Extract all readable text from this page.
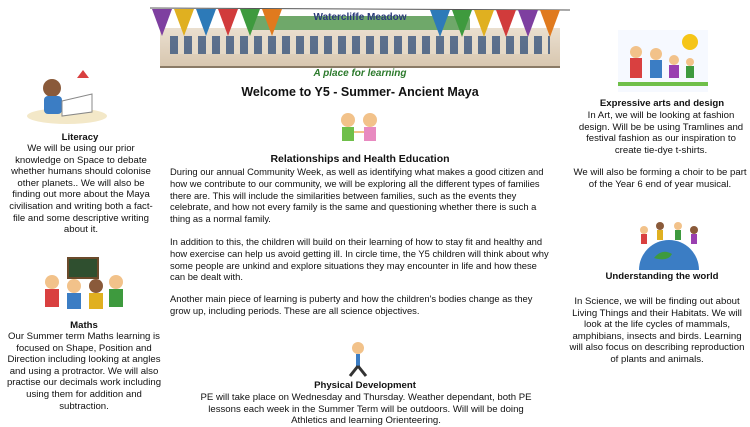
Watercliffe Meadow
A place for learning
Welcome to Y5 - Summer- Ancient Maya
Literacy
We will be using our prior knowledge on Space to debate whether humans should colonise other planets.. We will also be finding out more about the Maya civilisation and writing both a fact-file and some descriptive writing about it.
Maths
Our Summer term Maths learning is focused on Shape, Position and Direction including looking at angles and using a protractor. We will also practise our decimals work including using them for addition and subtraction.
Relationships and Health Education
During our annual Community Week, as well as identifying what makes a good citizen and how we contribute to our community, we will be exploring all the different types of families there are. This will include the similarities between families, such as the events they celebrate, and how not every family is the same and questioning whether there is such a thing as a normal family.
In addition to this, the children will build on their learning of how to stay fit and healthy and how exercise can help us avoid getting ill. In circle time, the Y5 children will think about why some people are unkind and explore situations they may encounter in life and how these can be dealt with.
Another main piece of learning is puberty and how the children's bodies change as they grow up, including periods. These are all science objectives.
Physical Development
PE will take place on Wednesday and Thursday. Weather dependant, both PE lessons each week in the Summer Term will be outdoors. Will will be doing Athletics and learning Orienteering.
Expressive arts and design
In Art, we will be looking at fashion design. Will be be using Tramlines and festival fashion as our inspiration to create tie-dye t-shirts.
We will also be forming a choir to be part of the Year 6 end of year musical.
Understanding the world
In Science, we will be finding out about Living Things and their Habitats. We will look at the life cycles of mammals, amphibians, insects and birds. Learning will also focus on describing reproduction of plants and animals.
